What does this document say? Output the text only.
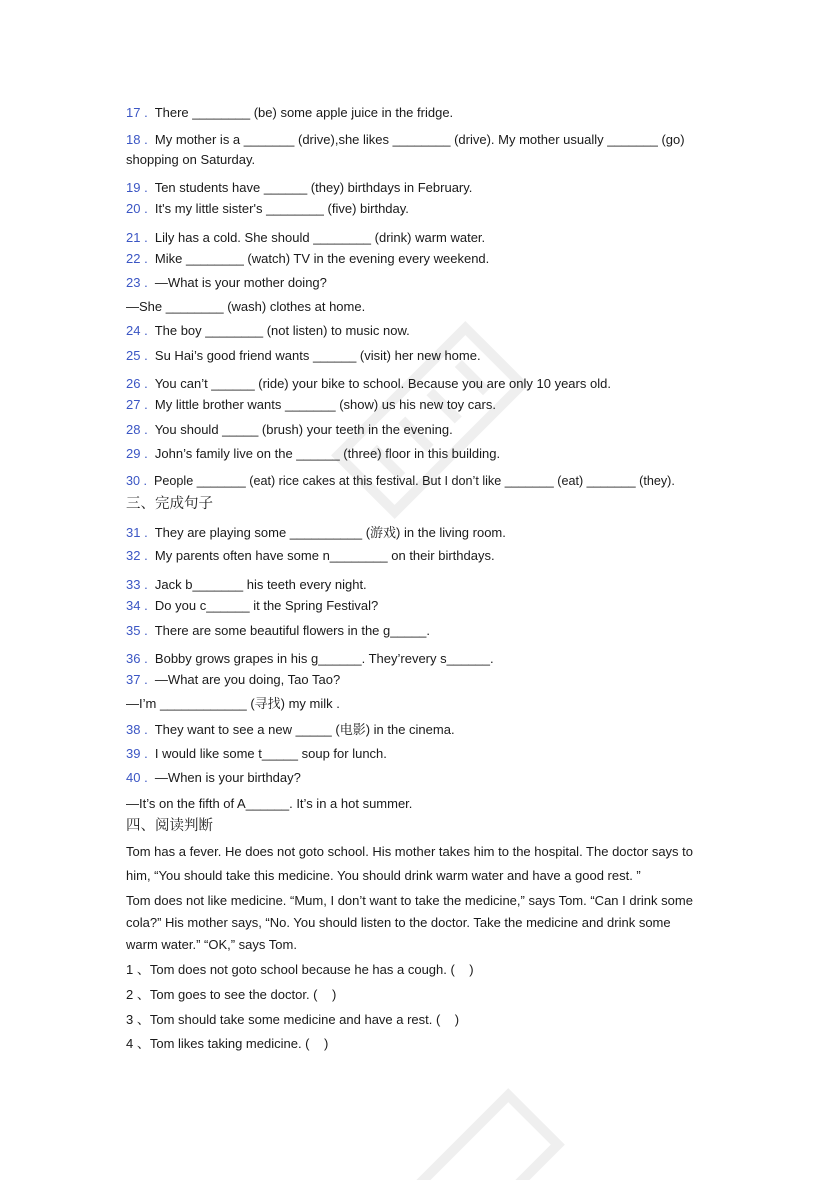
17 . There ________ (be) some apple juice in the fridge.
18 . My mother is a _______ (drive),she likes ________ (drive). My mother usually _______ (go) shopping on Saturday.
19 . Ten students have ______ (they) birthdays in February.
20 . It's my little sister's ________ (five) birthday.
21 . Lily has a cold. She should ________ (drink) warm water.
22 . Mike ________ (watch) TV in the evening every weekend.
23 . —What is your mother doing?
—She ________ (wash) clothes at home.
24 . The boy ________ (not listen) to music now.
25 . Su Hai’s good friend wants ______ (visit) her new home.
26 . You can’t ______ (ride) your bike to school. Because you are only 10 years old.
27 . My little brother wants _______ (show) us his new toy cars.
28 . You should _____ (brush) your teeth in the evening.
29 . John’s family live on the ______ (three) floor in this building.
30 . People _______ (eat) rice cakes at this festival. But I don’t like _______ (eat) _______ (they).
三、完成句子
31 . They are playing some __________ (游戏) in the living room.
32 . My parents often have some n________ on their birthdays.
33 . Jack b_______ his teeth every night.
34 . Do you c______ it the Spring Festival?
35 . There are some beautiful flowers in the g_____.
36 . Bobby grows grapes in his g______. They’revery s______.
37 . —What are you doing, Tao Tao?
—I’m ____________ (寻找) my milk .
38 . They want to see a new _____ (电影) in the cinema.
39 . I would like some t_____ soup for lunch.
40 . —When is your birthday?
—It’s on the fifth of A______. It’s in a hot summer.
四、阅读判断
Tom has a fever. He does not goto school. His mother takes him to the hospital. The doctor says to him, “You should take this medicine. You should drink warm water and have a good rest. ”
Tom does not like medicine. “Mum, I don’t want to take the medicine,” says Tom. “Can I drink some cola?” His mother says, “No. You should listen to the doctor. Take the medicine and drink some warm water.” “OK,” says Tom.
1 、Tom does not goto school because he has a cough. (    )
2 、Tom goes to see the doctor. (    )
3 、Tom should take some medicine and have a rest. (    )
4 、Tom likes taking medicine. (    )
